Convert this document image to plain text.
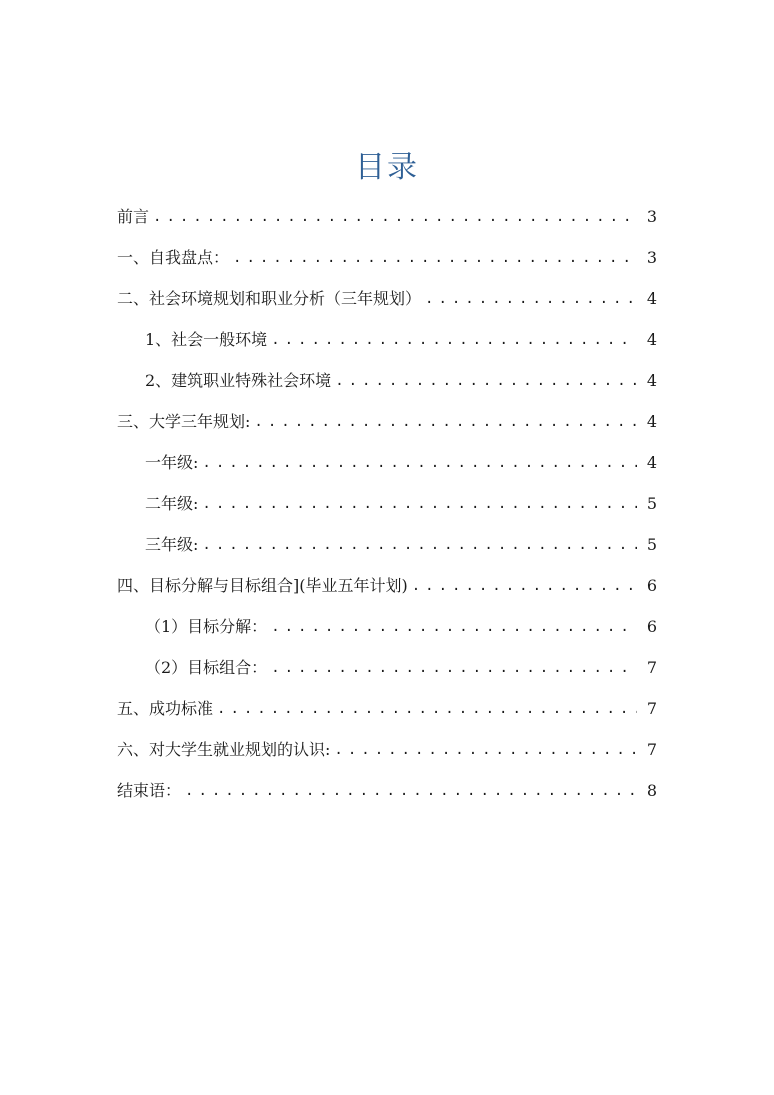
目录
前言 .....	3
一、自我盘点： .....	3
二、社会环境规划和职业分析（三年规划） .....	4
1、社会一般环境 .....	4
2、建筑职业特殊社会环境 .....	4
三、大学三年规划: .....	4
一年级: .....	4
二年级: .....	5
三年级: .....	5
四、目标分解与目标组合](毕业五年计划) .....	6
（1）目标分解： .....	6
（2）目标组合： .....	7
五、成功标准 .....	7
六、对大学生就业规划的认识: .....	7
结束语： .....	8
